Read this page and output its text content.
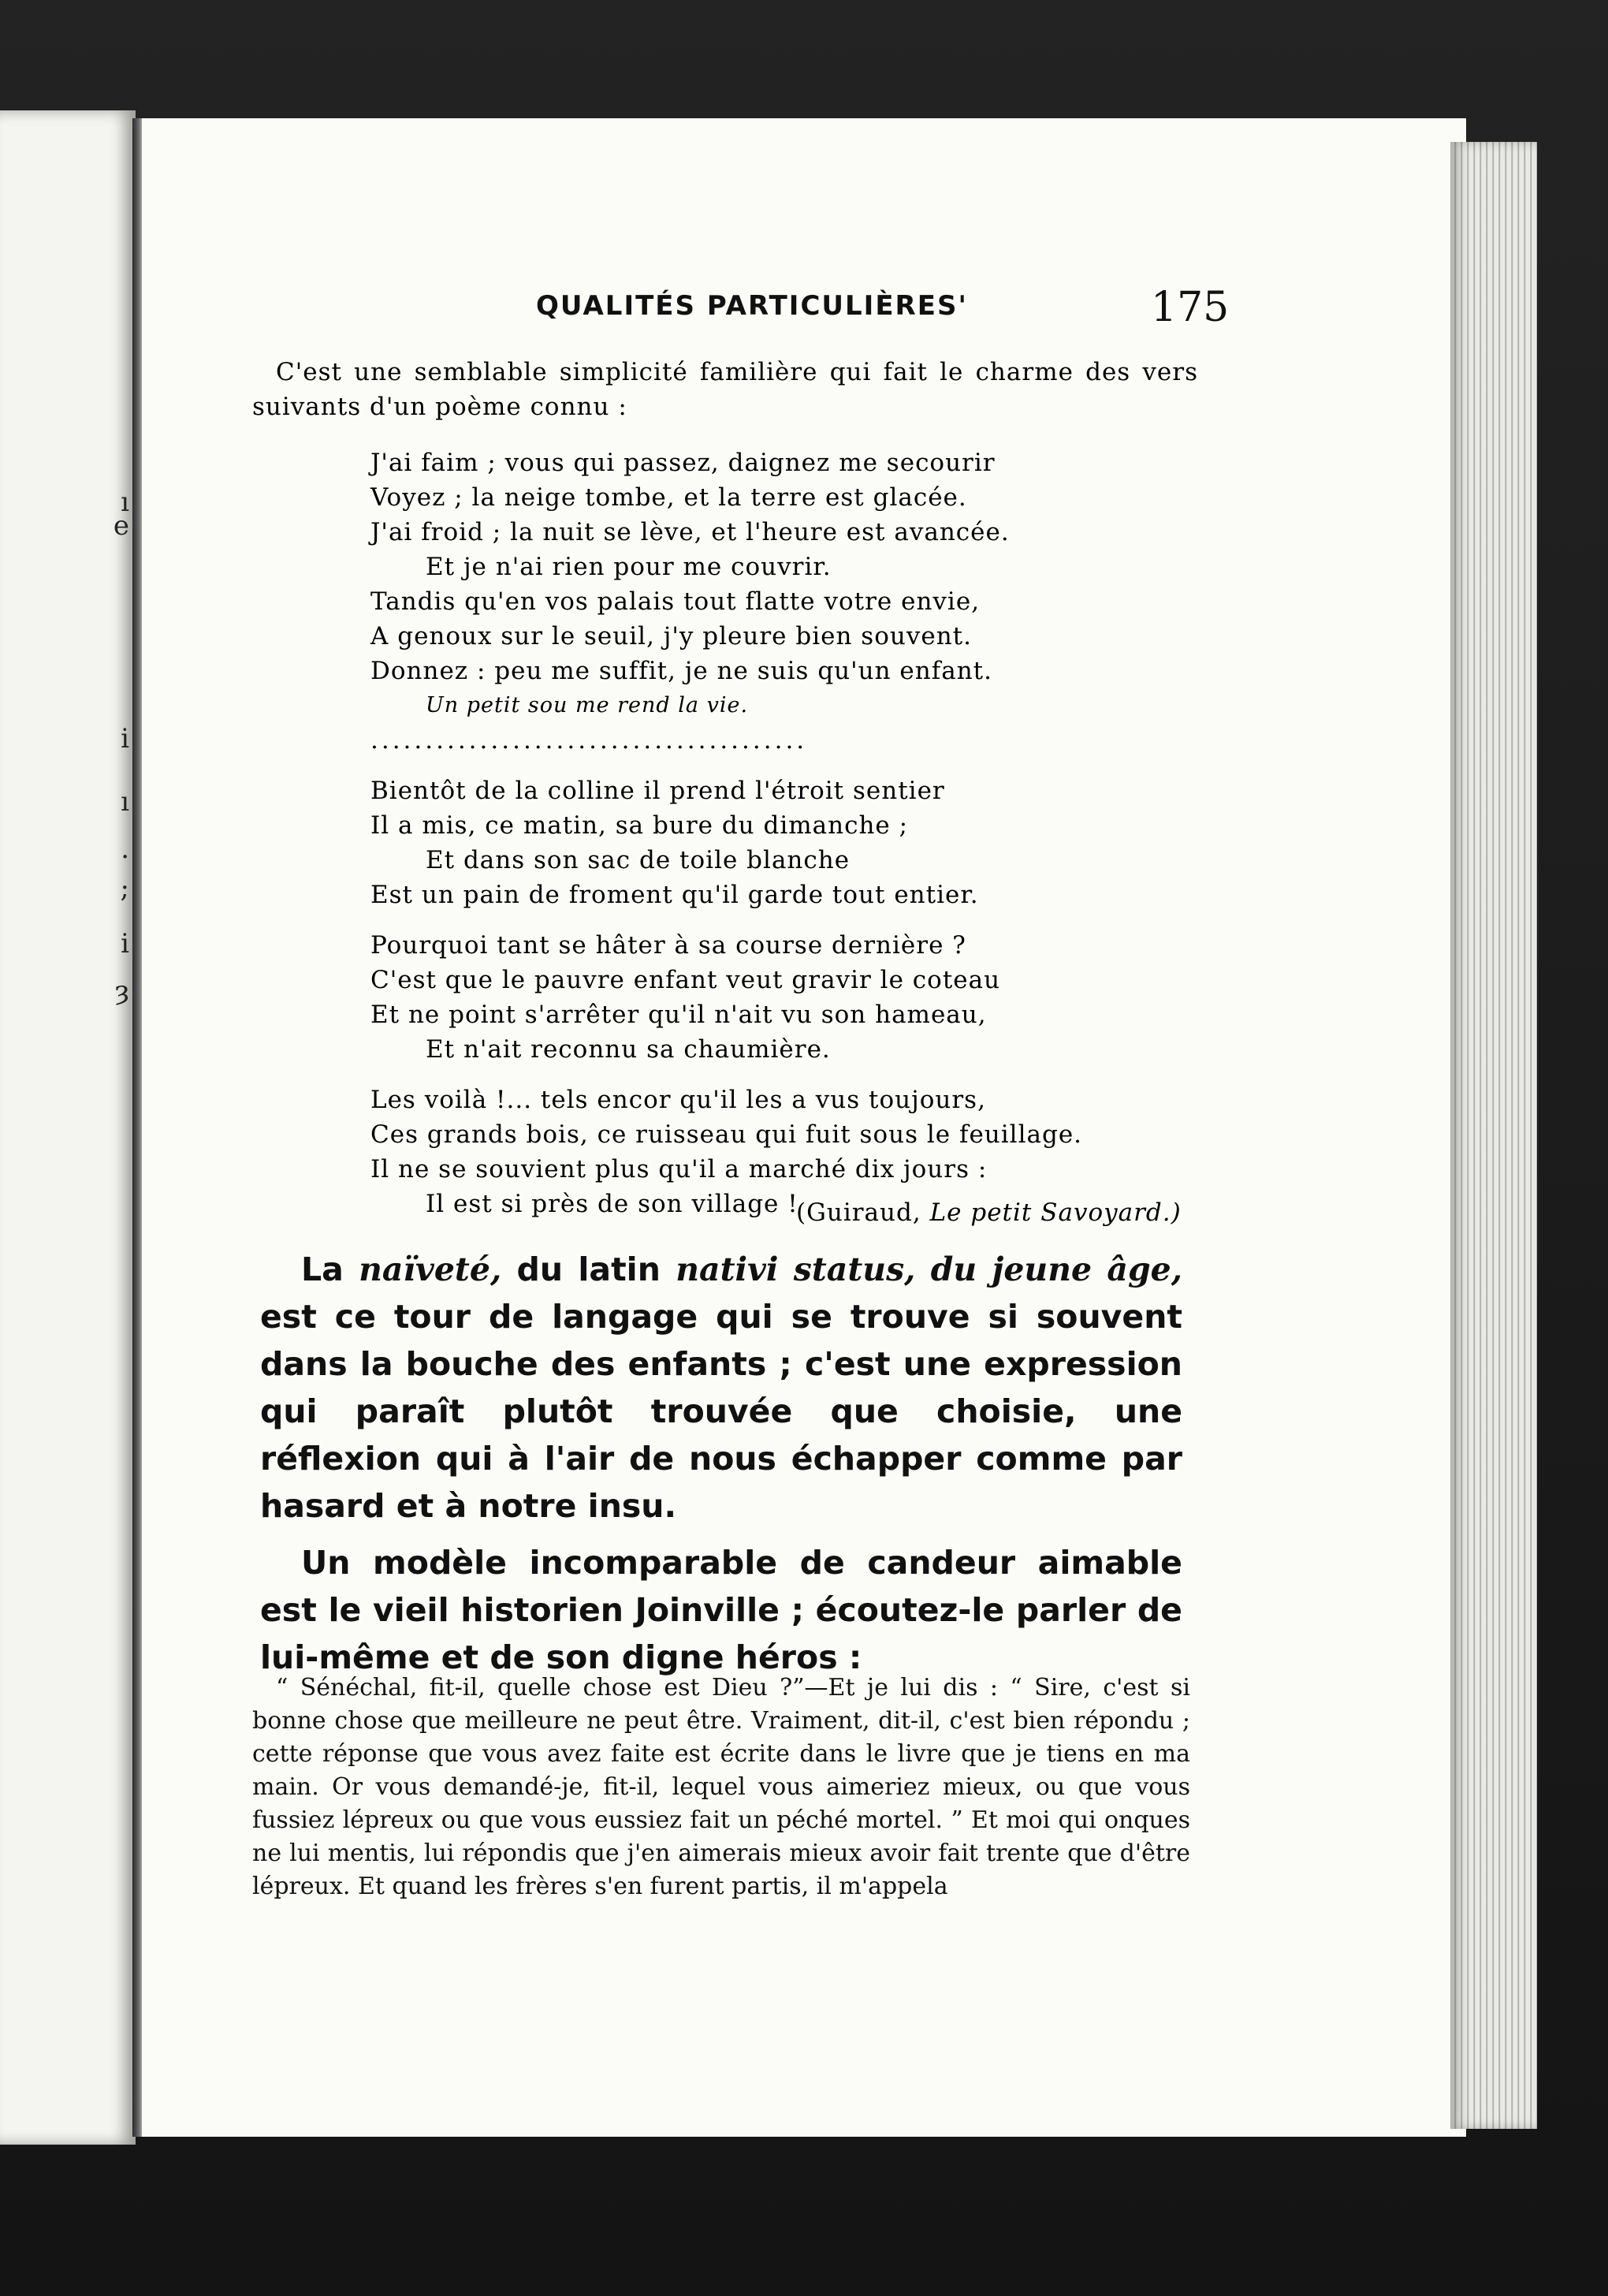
ı
e
i
ı
.
;
i
ȝ
QUALITÉS PARTICULIÈRES'	175
C'est une semblable simplicité familière qui fait le charme des vers suivants d'un poème connu :
J'ai faim ; vous qui passez, daignez me secourir
Voyez ; la neige tombe, et la terre est glacée.
J'ai froid ; la nuit se lève, et l'heure est avancée.
Et je n'ai rien pour me couvrir.
Tandis qu'en vos palais tout flatte votre envie,
A genoux sur le seuil, j'y pleure bien souvent.
Donnez : peu me suffit, je ne suis qu'un enfant.
Un petit sou me rend la vie.
........................................
Bientôt de la colline il prend l'étroit sentier
Il a mis, ce matin, sa bure du dimanche ;
Et dans son sac de toile blanche
Est un pain de froment qu'il garde tout entier.
Pourquoi tant se hâter à sa course dernière ?
C'est que le pauvre enfant veut gravir le coteau
Et ne point s'arrêter qu'il n'ait vu son hameau,
Et n'ait reconnu sa chaumière.
Les voilà !... tels encor qu'il les a vus toujours,
Ces grands bois, ce ruisseau qui fuit sous le feuillage.
Il ne se souvient plus qu'il a marché dix jours :
Il est si près de son village !
(Guiraud, Le petit Savoyard.)

La naïveté, du latin nativi status, du jeune âge, est ce tour de langage qui se trouve si souvent dans la bouche des enfants ; c'est une expression qui paraît plutôt trouvée que choisie, une réflexion qui à l'air de nous échapper comme par hasard et à notre insu.

Un modèle incomparable de candeur aimable est le vieil historien Joinville ; écoutez-le parler de lui-même et de son digne héros :

“ Sénéchal, fit-il, quelle chose est Dieu ?”—Et je lui dis : “ Sire, c'est si bonne chose que meilleure ne peut être. Vraiment, dit-il, c'est bien répondu ; cette réponse que vous avez faite est écrite dans le livre que je tiens en ma main. Or vous demandé-je, fit-il, lequel vous aimeriez mieux, ou que vous fussiez lépreux ou que vous eussiez fait un péché mortel. ” Et moi qui onques ne lui mentis, lui répondis que j'en aimerais mieux avoir fait trente que d'être lépreux. Et quand les frères s'en furent partis, il m'appela
